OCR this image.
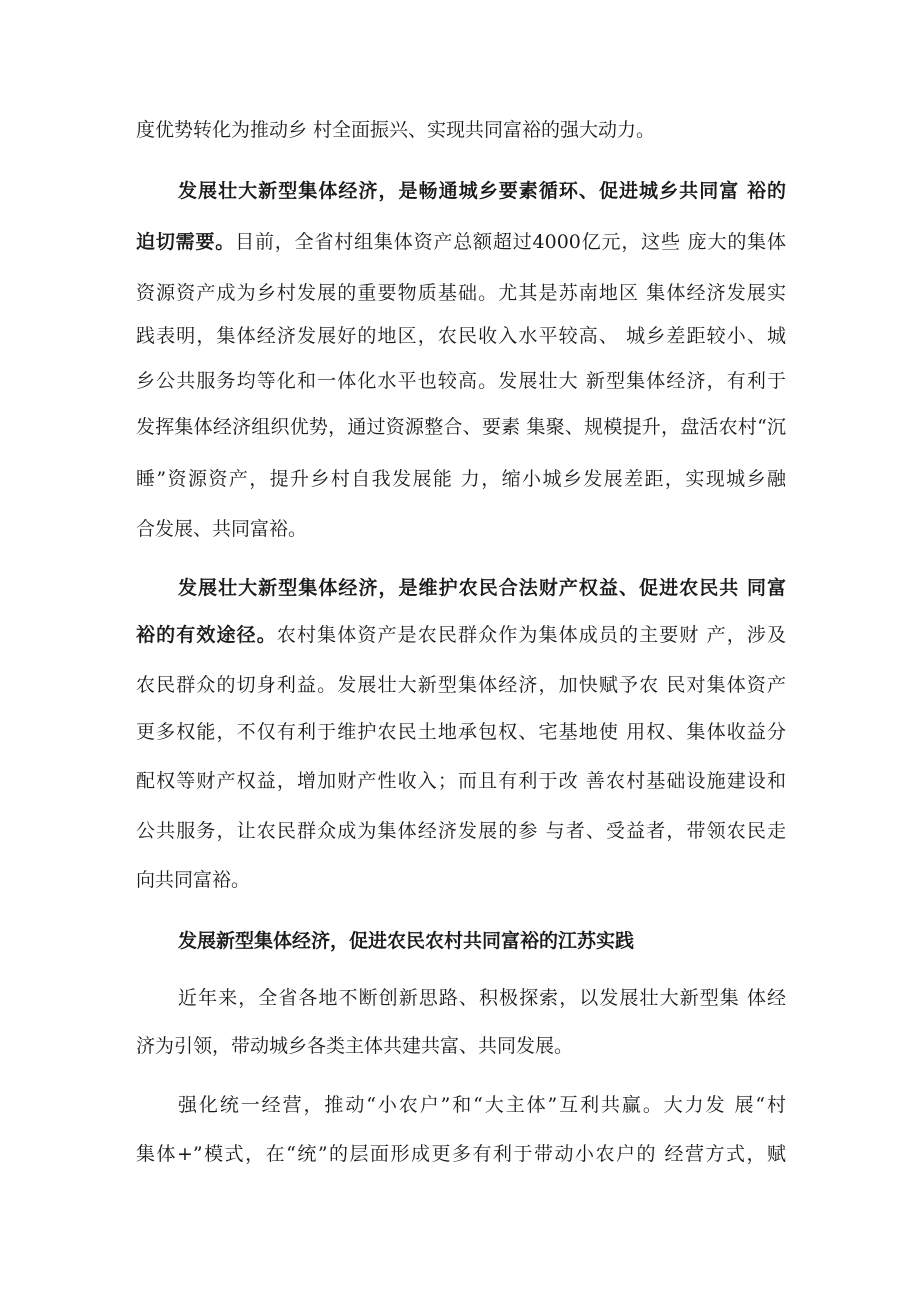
度优势转化为推动乡 村全面振兴、实现共同富裕的强大动力。
发展壮大新型集体经济，是畅通城乡要素循环、促进城乡共同富 裕的
迫切需要。目前，全省村组集体资产总额超过4000亿元，这些 庞大的集体
资源资产成为乡村发展的重要物质基础。尤其是苏南地区 集体经济发展实
践表明，集体经济发展好的地区，农民收入水平较高、 城乡差距较小、城
乡公共服务均等化和一体化水平也较高。发展壮大 新型集体经济，有利于
发挥集体经济组织优势，通过资源整合、要素 集聚、规模提升，盘活农村“沉
睡”资源资产，提升乡村自我发展能 力，缩小城乡发展差距，实现城乡融
合发展、共同富裕。
发展壮大新型集体经济，是维护农民合法财产权益、促进农民共 同富
裕的有效途径。农村集体资产是农民群众作为集体成员的主要财 产，涉及
农民群众的切身利益。发展壮大新型集体经济，加快赋予农 民对集体资产
更多权能，不仅有利于维护农民土地承包权、宅基地使 用权、集体收益分
配权等财产权益，增加财产性收入；而且有利于改 善农村基础设施建设和
公共服务，让农民群众成为集体经济发展的参 与者、受益者，带领农民走
向共同富裕。
发展新型集体经济，促进农民农村共同富裕的江苏实践
近年来，全省各地不断创新思路、积极探索，以发展壮大新型集 体经
济为引领，带动城乡各类主体共建共富、共同发展。
强化统一经营，推动“小农户”和“大主体”互利共赢。大力发 展“村
集体+”模式，在“统”的层面形成更多有利于带动小农户的 经营方式，赋
